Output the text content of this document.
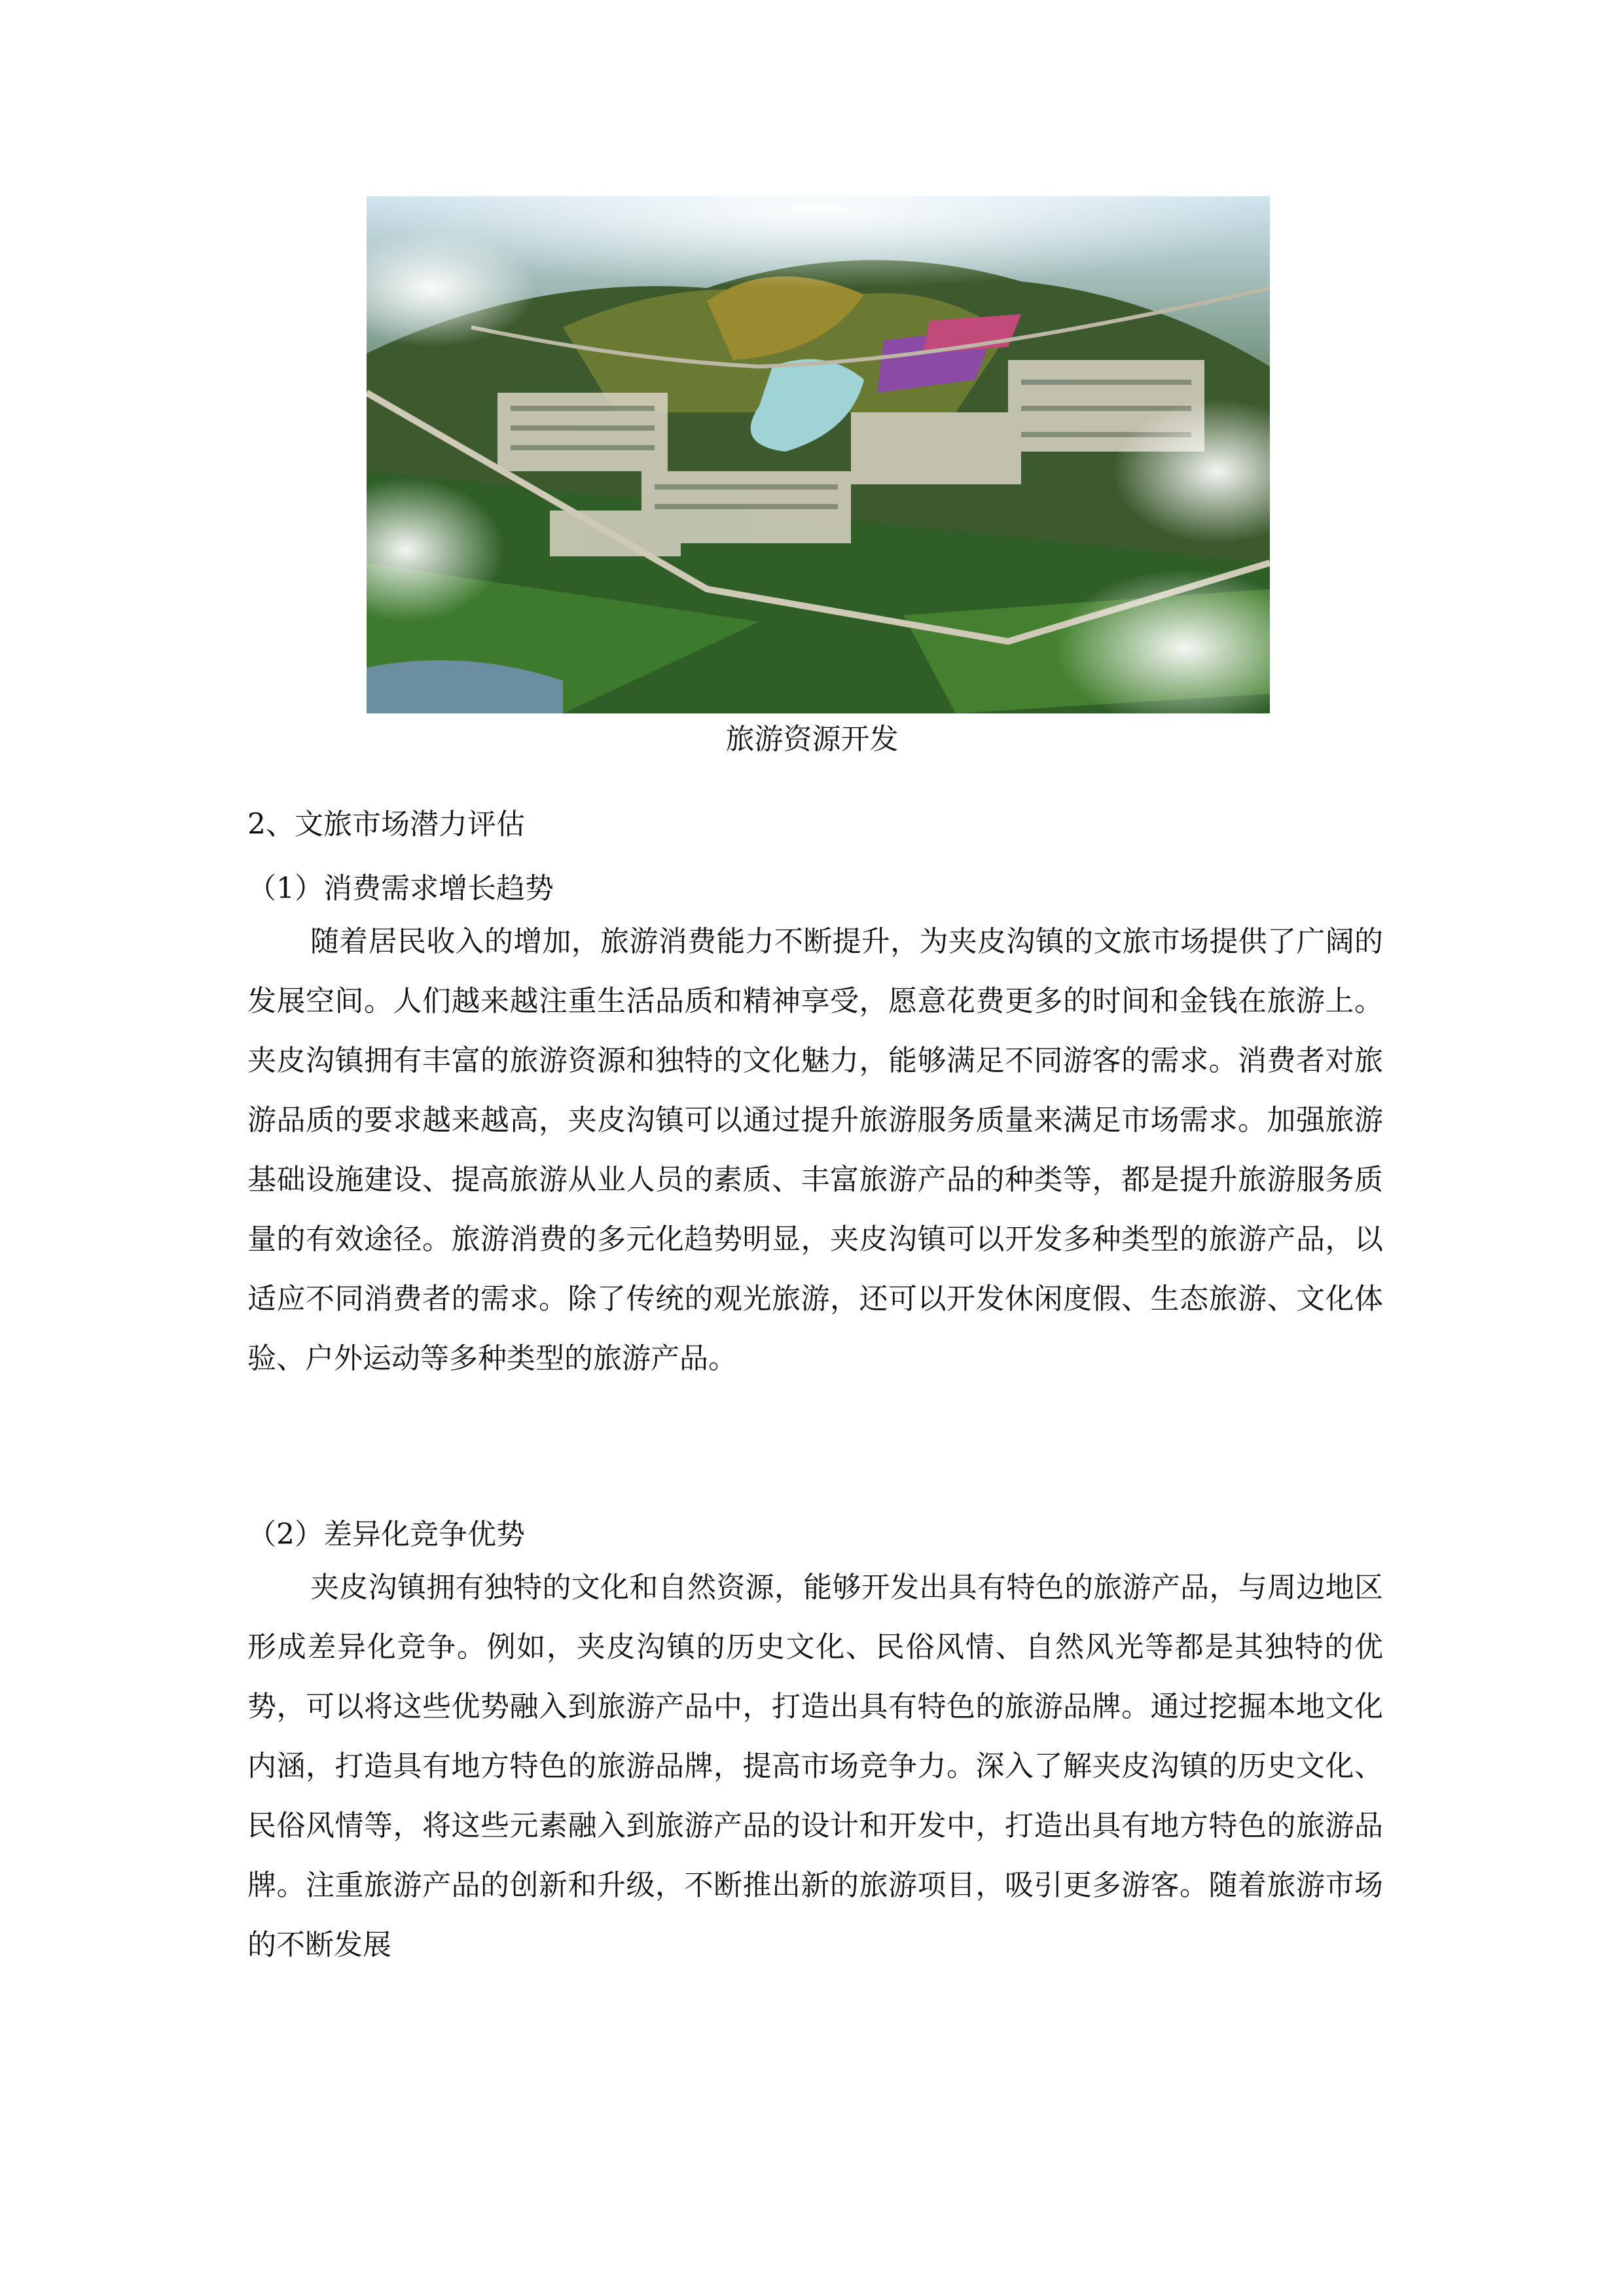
旅游资源开发
2、文旅市场潜力评估
（1）消费需求增长趋势

随着居民收入的增加，旅游消费能力不断提升，为夹皮沟镇的文旅市场提供了广阔的发展空间。人们越来越注重生活品质和精神享受，愿意花费更多的时间和金钱在旅游上。夹皮沟镇拥有丰富的旅游资源和独特的文化魅力，能够满足不同游客的需求。消费者对旅游品质的要求越来越高，夹皮沟镇可以通过提升旅游服务质量来满足市场需求。加强旅游基础设施建设、提高旅游从业人员的素质、丰富旅游产品的种类等，都是提升旅游服务质量的有效途径。旅游消费的多元化趋势明显，夹皮沟镇可以开发多种类型的旅游产品，以适应不同消费者的需求。除了传统的观光旅游，还可以开发休闲度假、生态旅游、文化体验、户外运动等多种类型的旅游产品。

（2）差异化竞争优势

夹皮沟镇拥有独特的文化和自然资源，能够开发出具有特色的旅游产品，与周边地区形成差异化竞争。例如，夹皮沟镇的历史文化、民俗风情、自然风光等都是其独特的优势，可以将这些优势融入到旅游产品中，打造出具有特色的旅游品牌。通过挖掘本地文化内涵，打造具有地方特色的旅游品牌，提高市场竞争力。深入了解夹皮沟镇的历史文化、民俗风情等，将这些元素融入到旅游产品的设计和开发中，打造出具有地方特色的旅游品牌。注重旅游产品的创新和升级，不断推出新的旅游项目，吸引更多游客。随着旅游市场的不断发展
